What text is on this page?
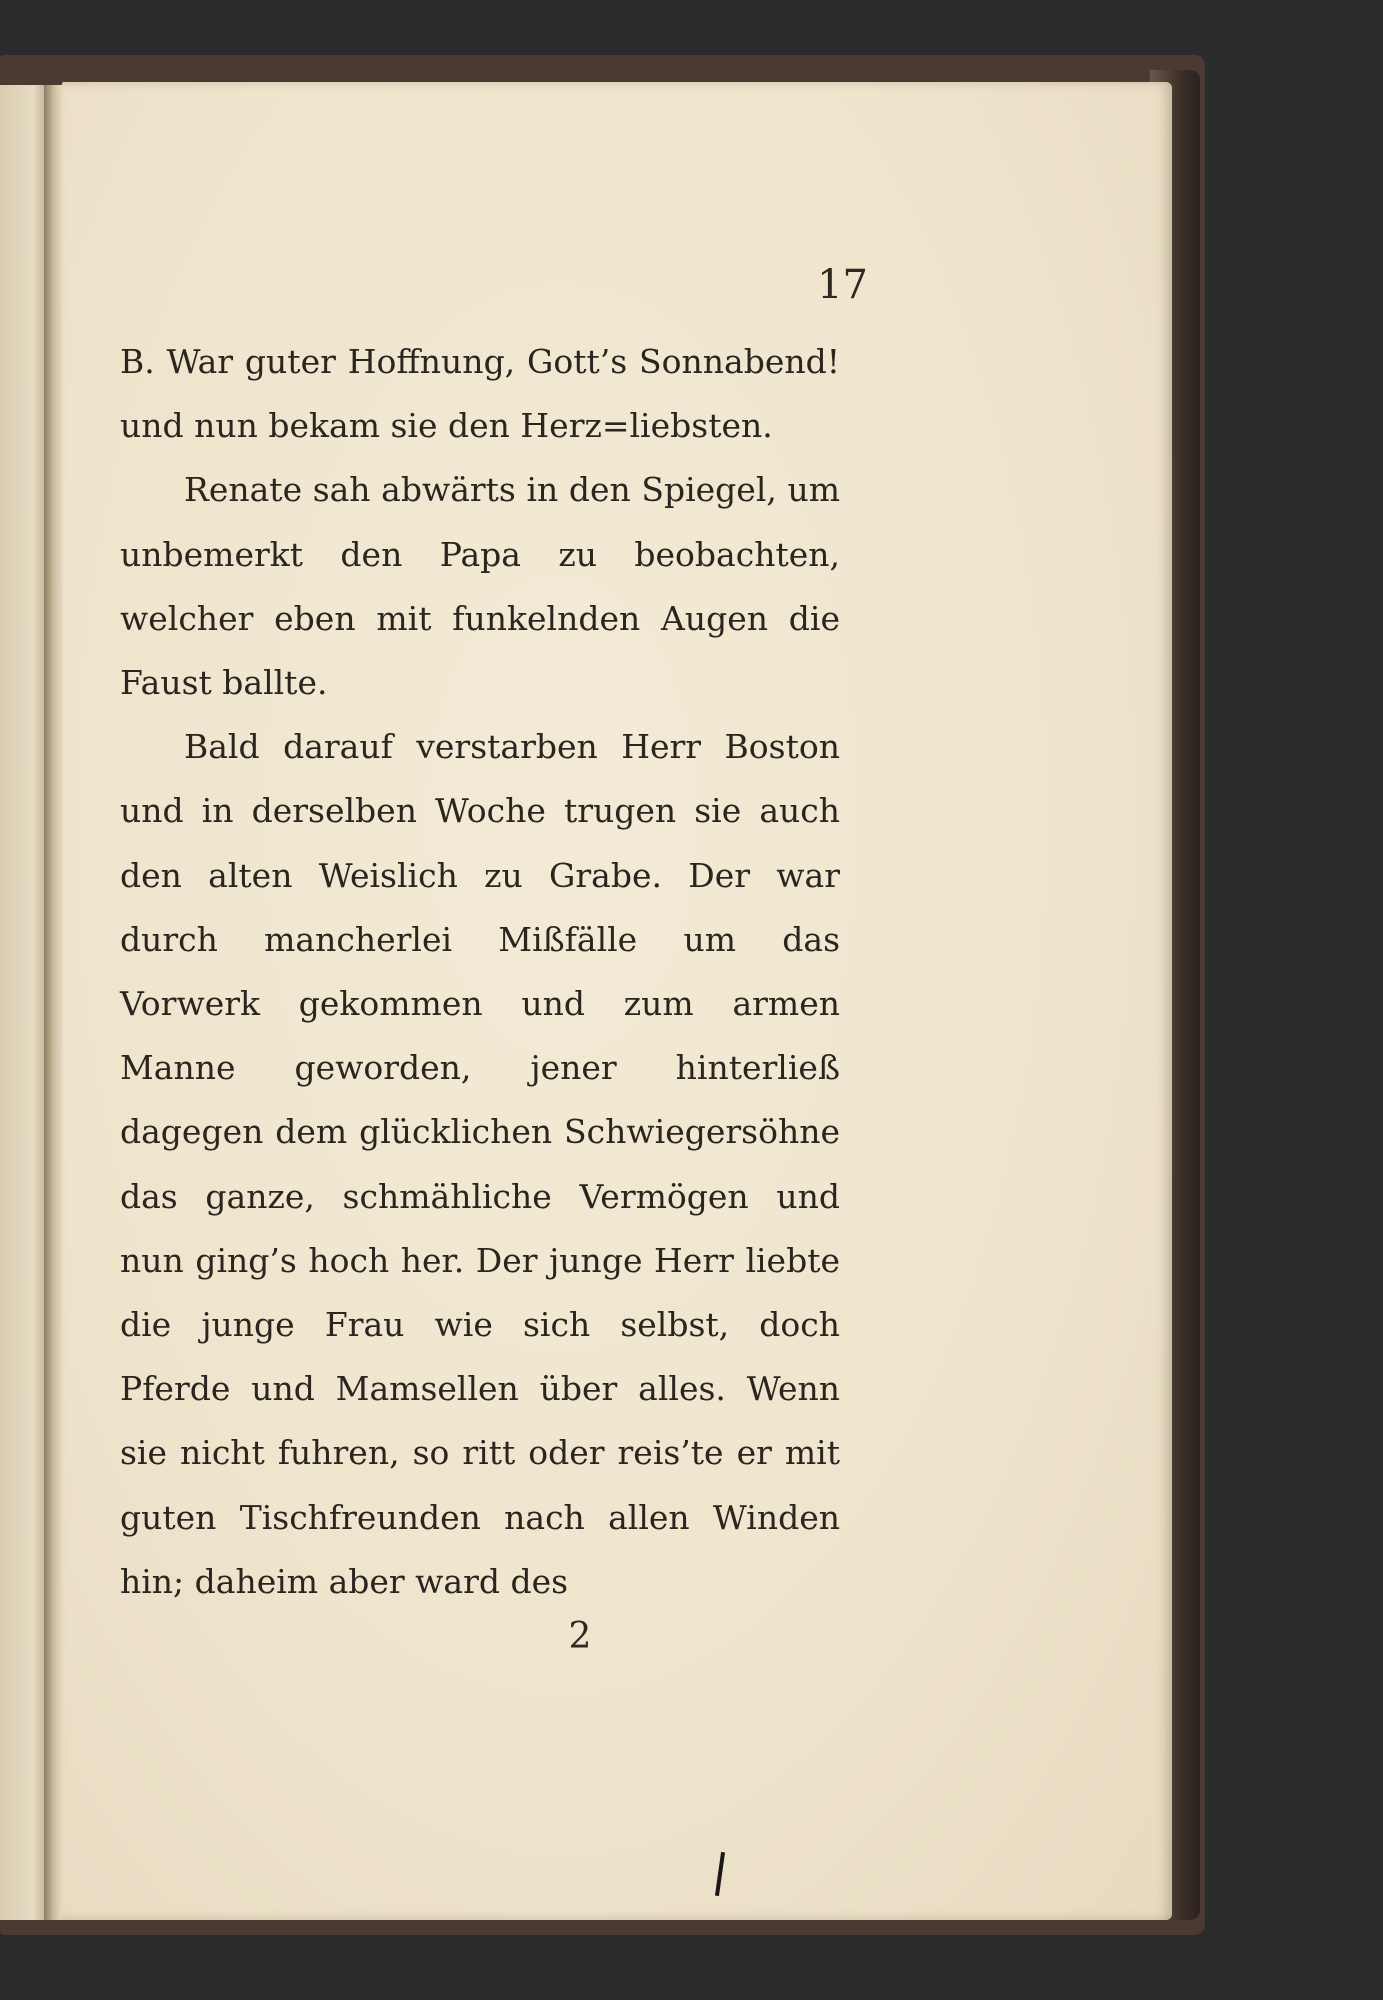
17

B. War guter Hoffnung, Gott’s Sonnabend! und nun bekam sie den Herz=liebsten.

Renate sah abwärts in den Spiegel, um unbemerkt den Papa zu beobachten, welcher eben mit funkelnden Augen die Faust ballte.

Bald darauf verstarben Herr Boston und in derselben Woche trugen sie auch den alten Weislich zu Grabe. Der war durch mancherlei Mißfälle um das Vorwerk gekommen und zum armen Manne geworden, jener hinterließ dagegen dem glücklichen Schwiegersöhne das ganze, schmähliche Vermögen und nun ging’s hoch her. Der junge Herr liebte die junge Frau wie sich selbst, doch Pferde und Mamsellen über alles. Wenn sie nicht fuhren, so ritt oder reis’te er mit guten Tischfreunden nach allen Winden hin; daheim aber ward des

2
